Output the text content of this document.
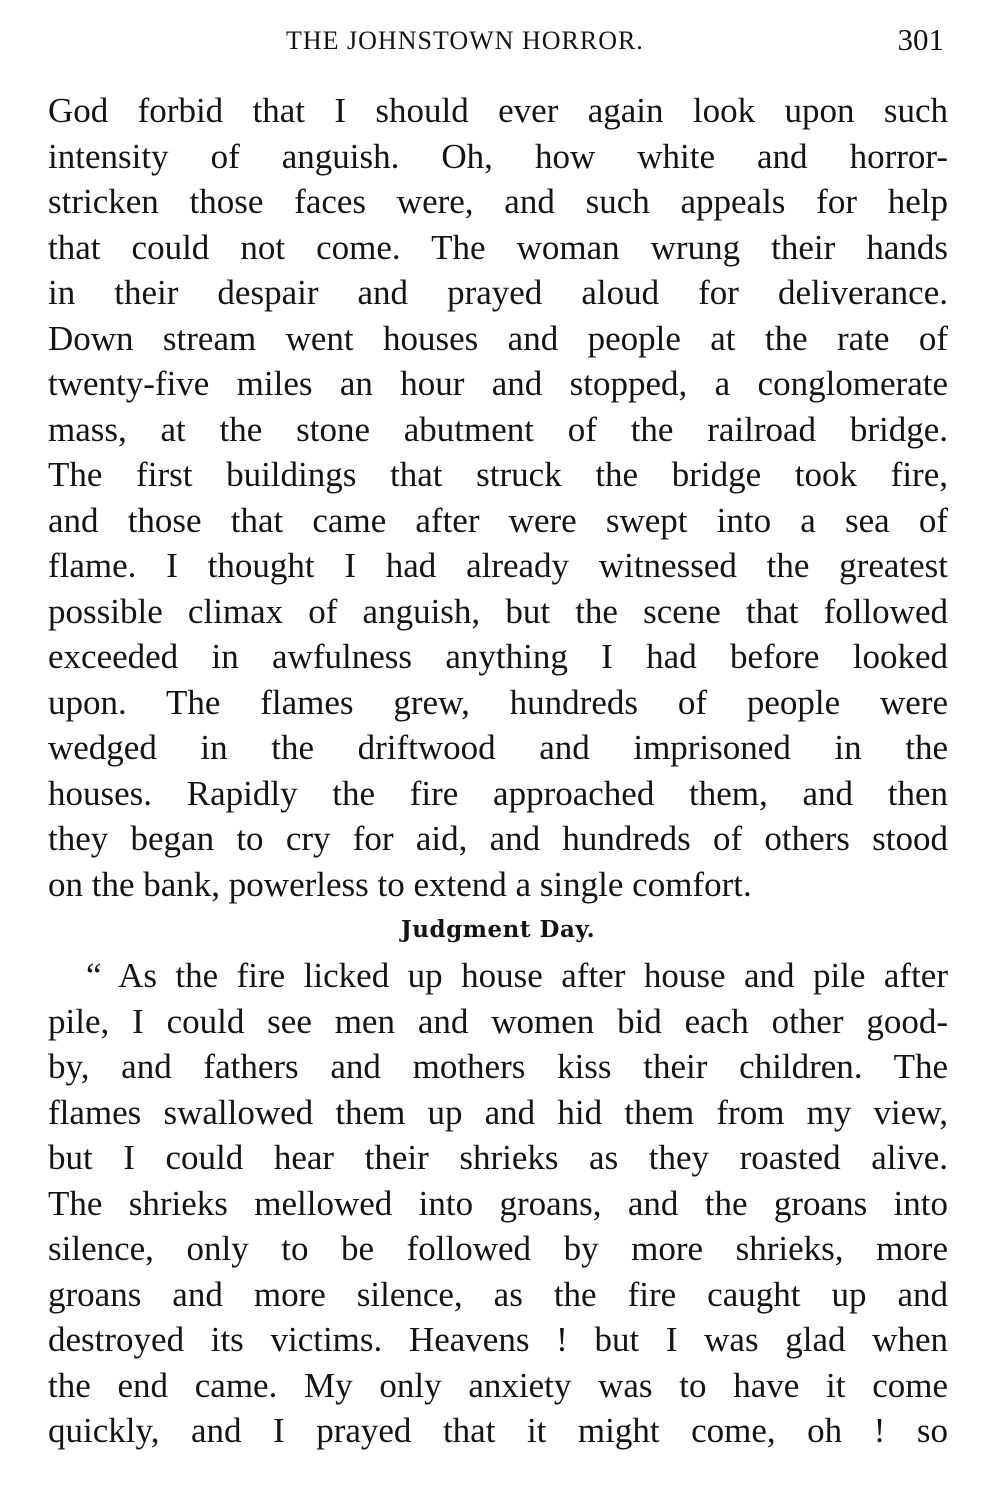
THE JOHNSTOWN HORROR.	301
God forbid that I should ever again look upon such
intensity of anguish. Oh, how white and horror-
stricken those faces were, and such appeals for help
that could not come. The woman wrung their hands
in their despair and prayed aloud for deliverance.
Down stream went houses and people at the rate of
twenty-five miles an hour and stopped, a conglomerate
mass, at the stone abutment of the railroad bridge.
The first buildings that struck the bridge took fire,
and those that came after were swept into a sea of
flame. I thought I had already witnessed the greatest
possible climax of anguish, but the scene that followed
exceeded in awfulness anything I had before looked
upon. The flames grew, hundreds of people were
wedged in the driftwood and imprisoned in the
houses. Rapidly the fire approached them, and then
they began to cry for aid, and hundreds of others stood
on the bank, powerless to extend a single comfort.
Judgment Day.
“ As the fire licked up house after house and pile after
pile, I could see men and women bid each other good-
by, and fathers and mothers kiss their children. The
flames swallowed them up and hid them from my view,
but I could hear their shrieks as they roasted alive.
The shrieks mellowed into groans, and the groans into
silence, only to be followed by more shrieks, more
groans and more silence, as the fire caught up and
destroyed its victims. Heavens ! but I was glad when
the end came. My only anxiety was to have it come
quickly, and I prayed that it might come, oh ! so
